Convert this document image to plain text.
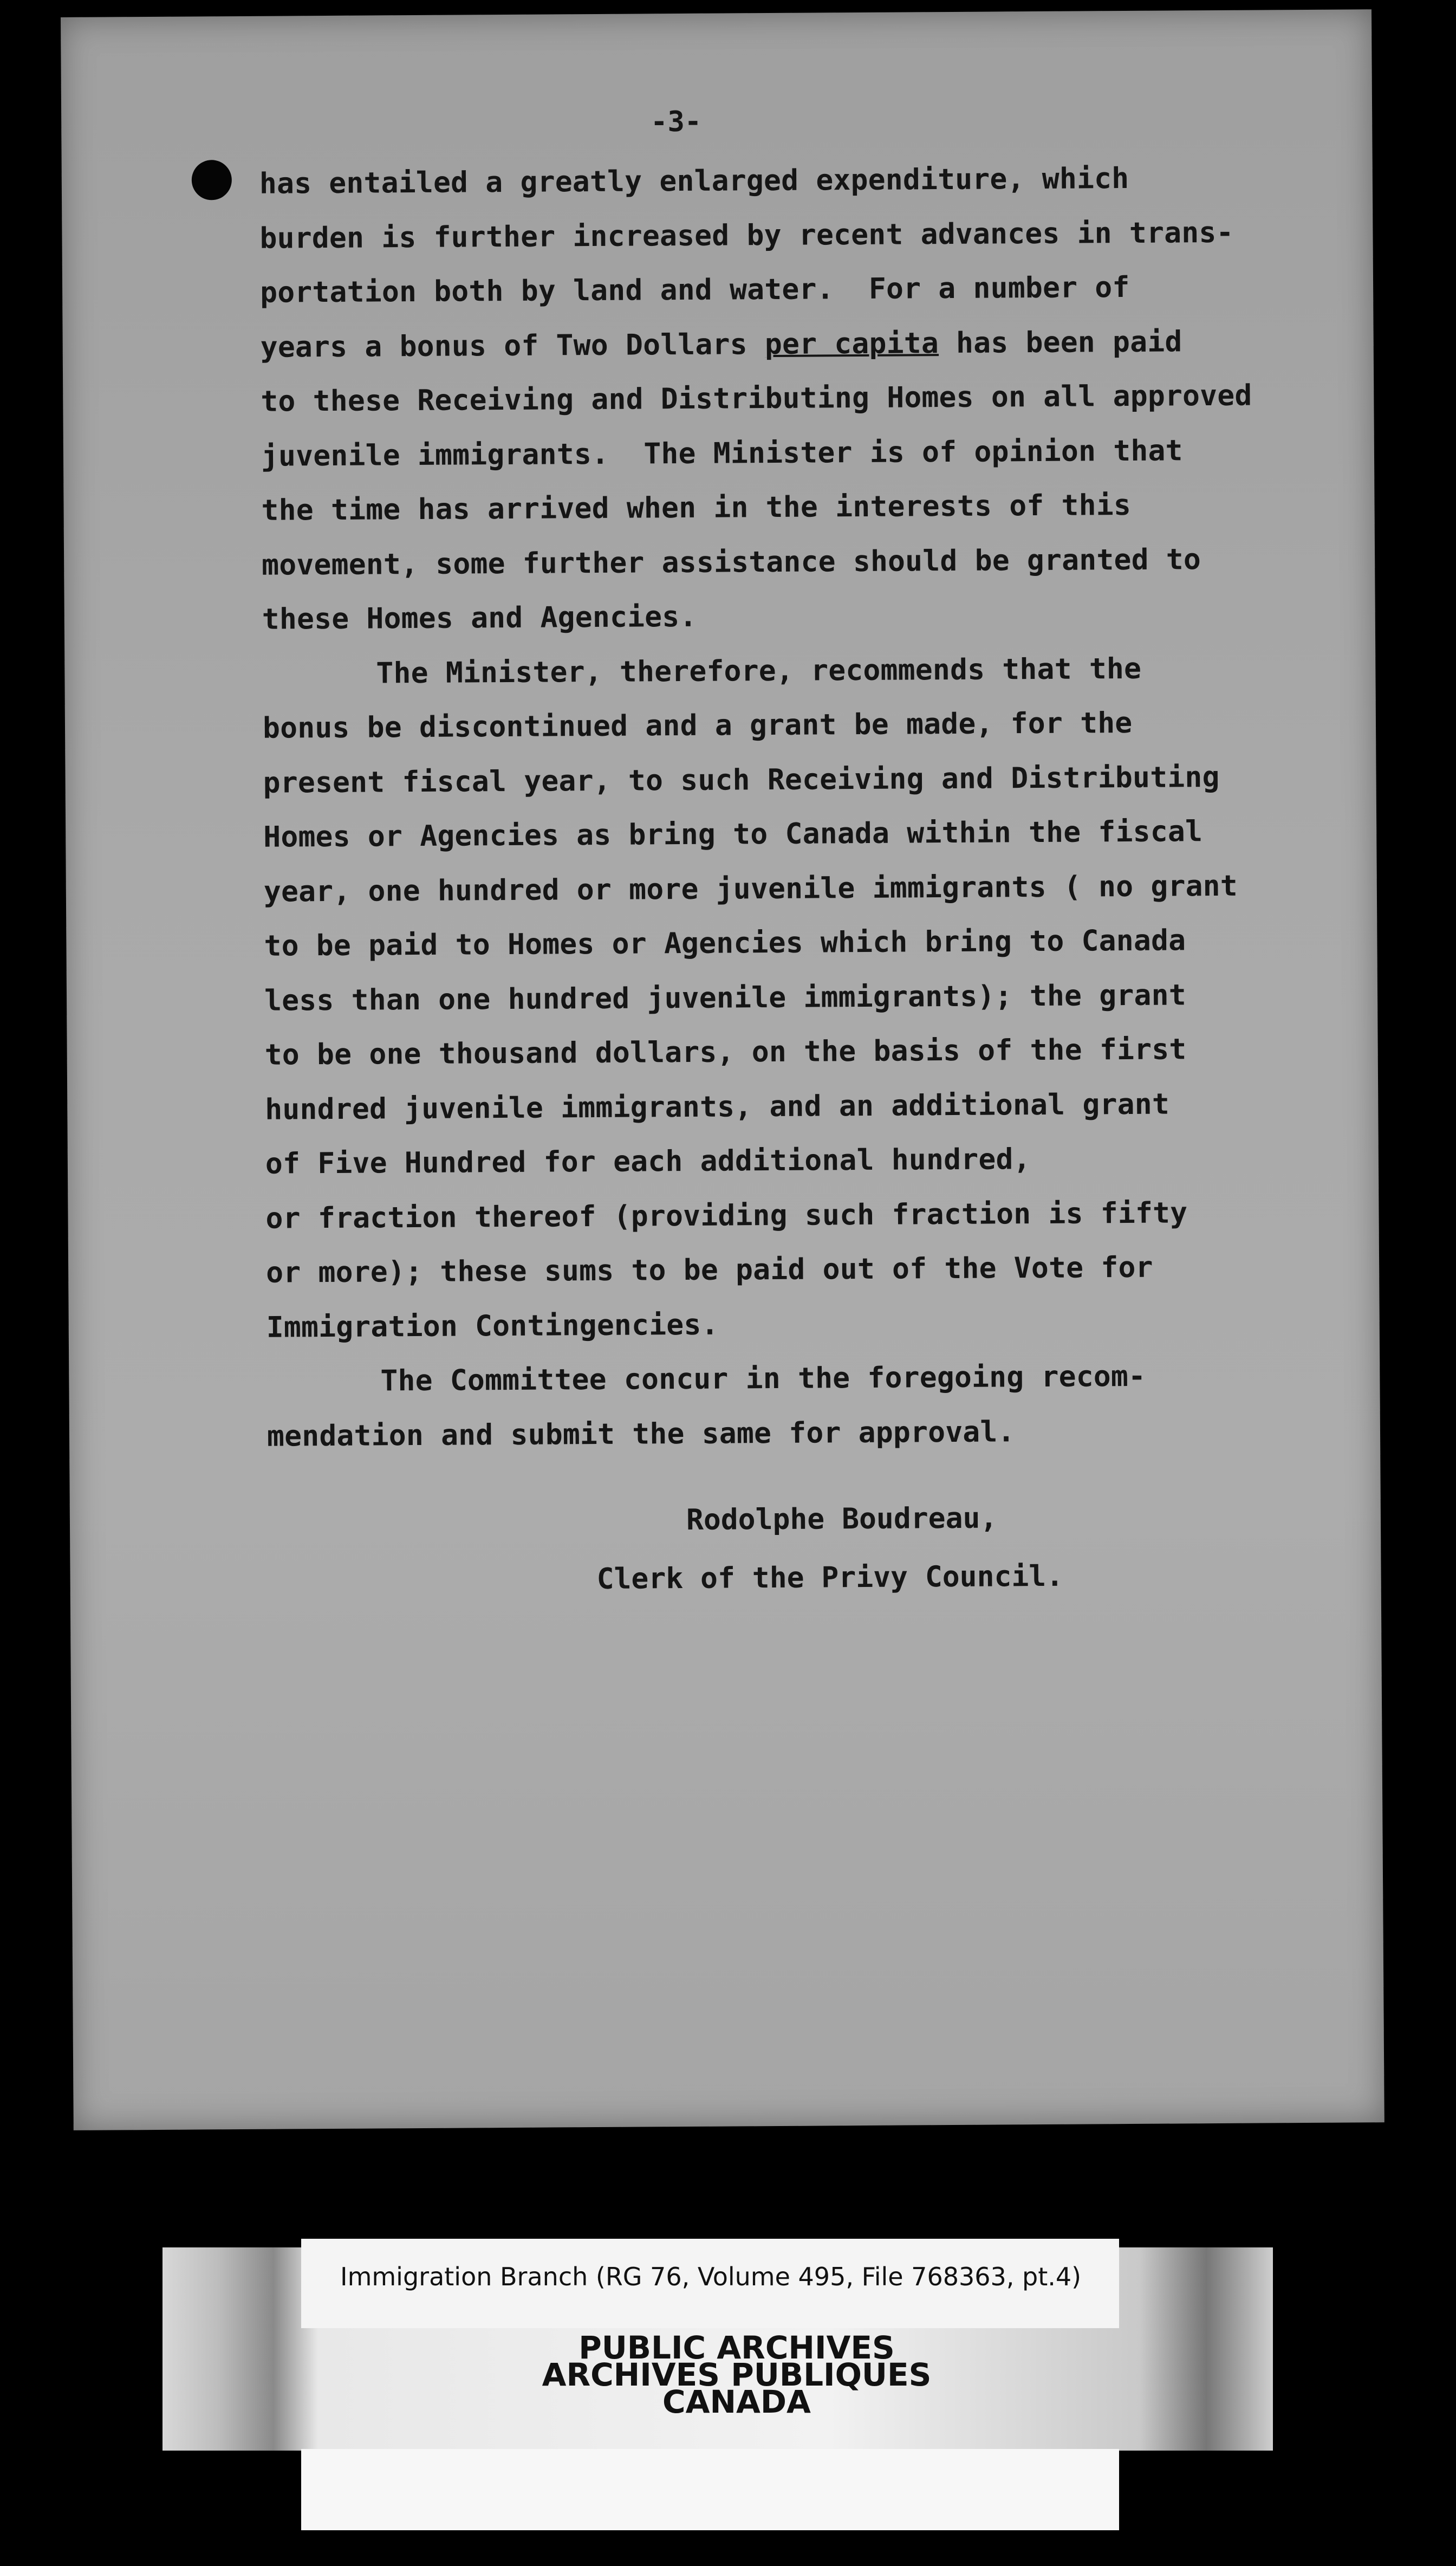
-3-
has entailed a greatly enlarged expenditure, which
burden is further increased by recent advances in trans-
portation both by land and water.  For a number of
years a bonus of Two Dollars per capita has been paid
to these Receiving and Distributing Homes on all approved
juvenile immigrants.  The Minister is of opinion that
the time has arrived when in the interests of this
movement, some further assistance should be granted to
these Homes and Agencies.
The Minister, therefore, recommends that the
bonus be discontinued and a grant be made, for the
present fiscal year, to such Receiving and Distributing
Homes or Agencies as bring to Canada within the fiscal
year, one hundred or more juvenile immigrants ( no grant
to be paid to Homes or Agencies which bring to Canada
less than one hundred juvenile immigrants); the grant
to be one thousand dollars, on the basis of the first
hundred juvenile immigrants, and an additional grant
of Five Hundred for each additional hundred,
or fraction thereof (providing such fraction is fifty
or more); these sums to be paid out of the Vote for
Immigration Contingencies.
The Committee concur in the foregoing recom-
mendation and submit the same for approval.
Rodolphe Boudreau,
Clerk of the Privy Council.
Immigration Branch (RG 76, Volume 495, File 768363, pt.4)
PUBLIC ARCHIVES
ARCHIVES PUBLIQUES
CANADA
